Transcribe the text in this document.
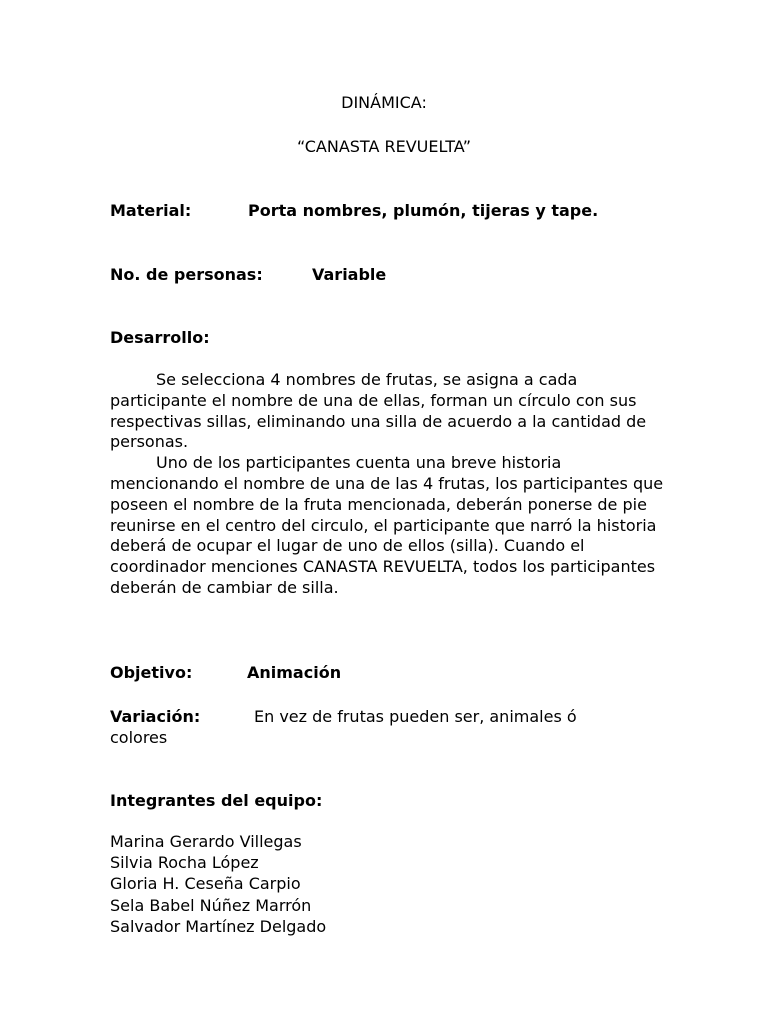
DINÁMICA:
“CANASTA REVUELTA”
Material:	Porta nombres, plumón, tijeras y tape.
No. de personas:	Variable
Desarrollo:

Se selecciona 4 nombres de frutas, se asigna a cada participante el nombre de una de ellas, forman un círculo con sus respectivas sillas, eliminando una silla de acuerdo a la cantidad de personas.

Uno de los participantes cuenta una breve historia mencionando el nombre de una de las 4 frutas, los participantes que poseen el nombre de la fruta mencionada, deberán ponerse de pie reunirse en el centro del circulo, el participante que narró la historia deberá de ocupar el lugar de uno de ellos (silla). Cuando el coordinador menciones CANASTA REVUELTA, todos los participantes deberán de cambiar de silla.

Objetivo:	Animación
Variación:	En vez de frutas pueden ser, animales ó
colores
Integrantes del equipo:
Marina Gerardo Villegas
Silvia Rocha López
Gloria H. Ceseña Carpio
Sela Babel Núñez Marrón
Salvador Martínez Delgado
